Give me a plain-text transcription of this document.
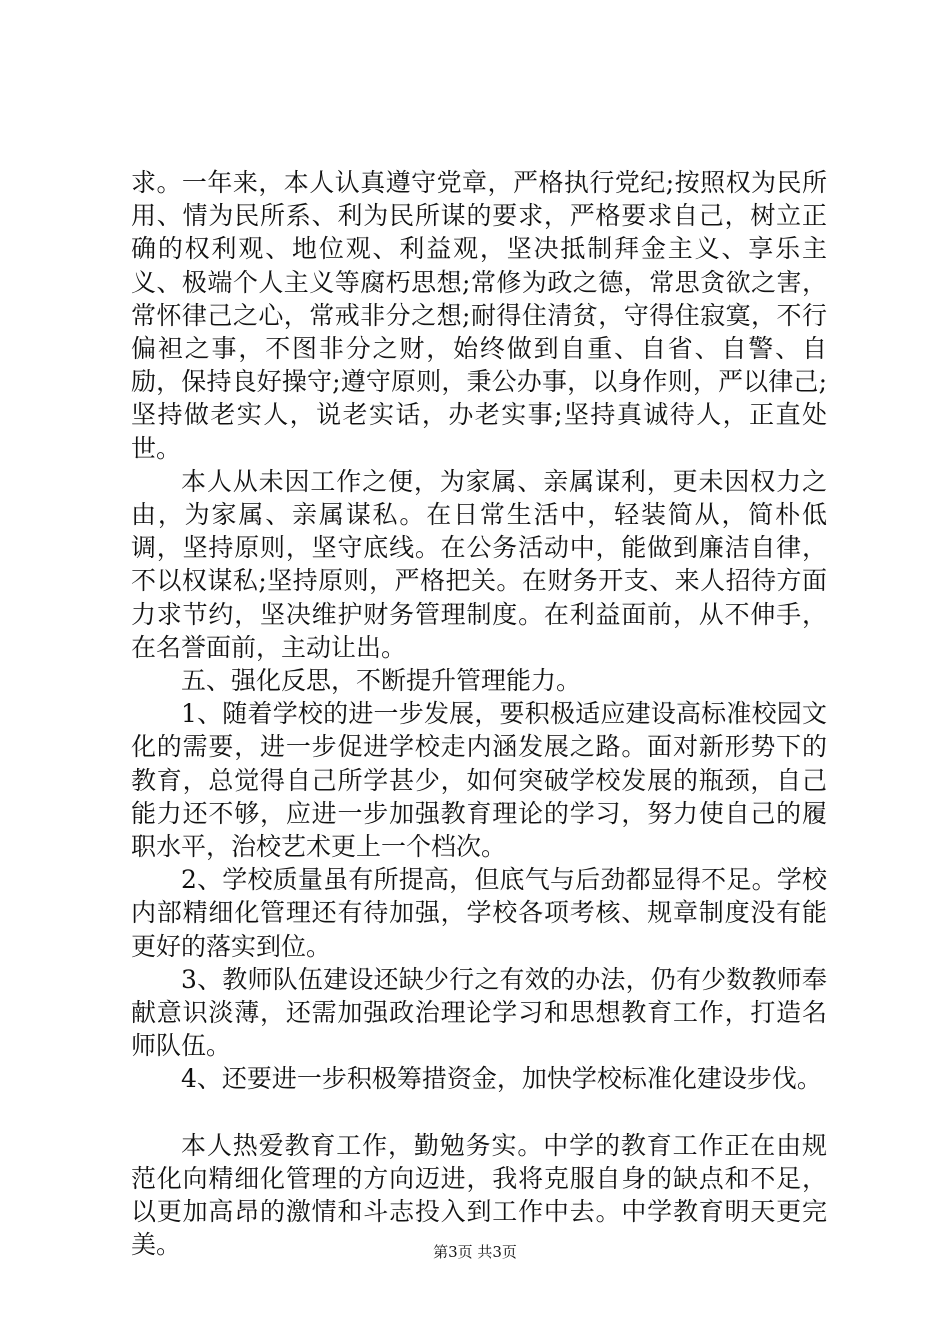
求。一年来，本人认真遵守党章，严格执行党纪;按照权为民所用、情为民所系、利为民所谋的要求，严格要求自己，树立正确的权利观、地位观、利益观，坚决抵制拜金主义、享乐主义、极端个人主义等腐朽思想;常修为政之德，常思贪欲之害，常怀律己之心，常戒非分之想;耐得住清贫，守得住寂寞，不行偏袒之事，不图非分之财，始终做到自重、自省、自警、自励，保持良好操守;遵守原则，秉公办事，以身作则，严以律己;坚持做老实人，说老实话，办老实事;坚持真诚待人，正直处世。

本人从未因工作之便，为家属、亲属谋利，更未因权力之由，为家属、亲属谋私。在日常生活中，轻装简从，简朴低调，坚持原则，坚守底线。在公务活动中，能做到廉洁自律，不以权谋私;坚持原则，严格把关。在财务开支、来人招待方面力求节约，坚决维护财务管理制度。在利益面前，从不伸手，在名誉面前，主动让出。

五、强化反思，不断提升管理能力。

1、随着学校的进一步发展，要积极适应建设高标准校园文化的需要，进一步促进学校走内涵发展之路。面对新形势下的教育，总觉得自己所学甚少，如何突破学校发展的瓶颈，自己能力还不够，应进一步加强教育理论的学习，努力使自己的履职水平，治校艺术更上一个档次。

2、学校质量虽有所提高，但底气与后劲都显得不足。学校内部精细化管理还有待加强，学校各项考核、规章制度没有能更好的落实到位。

3、教师队伍建设还缺少行之有效的办法，仍有少数教师奉献意识淡薄，还需加强政治理论学习和思想教育工作，打造名师队伍。

4、还要进一步积极筹措资金，加快学校标准化建设步伐。

本人热爱教育工作，勤勉务实。中学的教育工作正在由规范化向精细化管理的方向迈进，我将克服自身的缺点和不足，以更加高昂的激情和斗志投入到工作中去。中学教育明天更完美。	第3页 共3页
